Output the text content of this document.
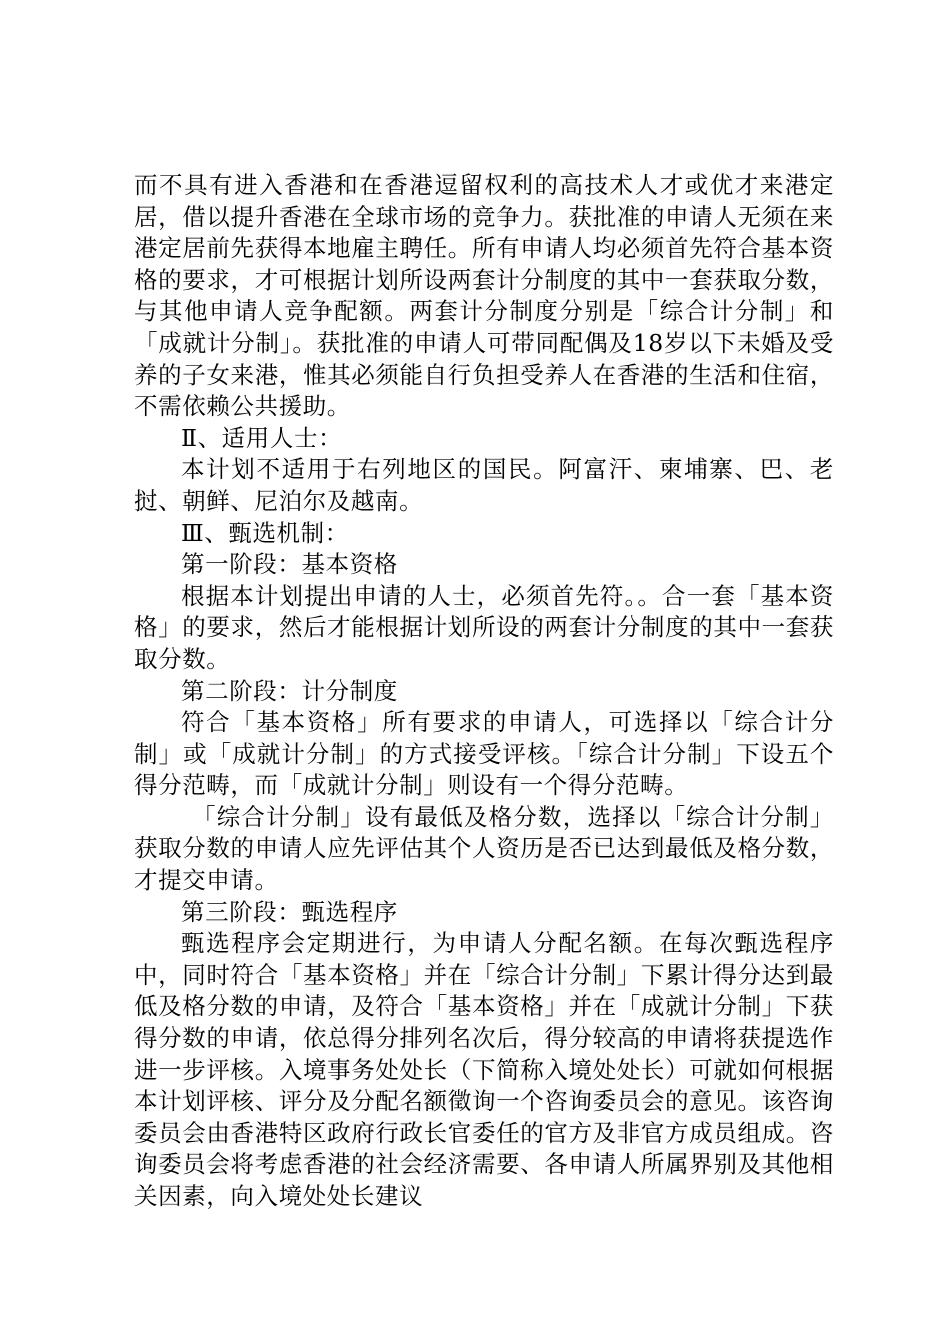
而不具有进入香港和在香港逗留权利的高技术人才或优才来港定居，借以提升香港在全球市场的竞争力。获批准的申请人无须在来港定居前先获得本地雇主聘任。所有申请人均必须首先符合基本资格的要求，才可根据计划所设两套计分制度的其中一套获取分数，与其他申请人竞争配额。两套计分制度分别是「综合计分制」和「成就计分制」。获批准的申请人可带同配偶及18岁以下未婚及受养的子女来港，惟其必须能自行负担受养人在香港的生活和住宿，不需依赖公共援助。

Ⅱ、适用人士：

本计划不适用于右列地区的国民。阿富汗、柬埔寨、巴、老挝、朝鲜、尼泊尔及越南。

Ⅲ、甄选机制：

第一阶段：基本资格

根据本计划提出申请的人士，必须首先符。。合一套「基本资格」的要求，然后才能根据计划所设的两套计分制度的其中一套获取分数。

第二阶段：计分制度

符合「基本资格」所有要求的申请人，可选择以「综合计分制」或「成就计分制」的方式接受评核。「综合计分制」下设五个得分范畴，而「成就计分制」则设有一个得分范畴。

「综合计分制」设有最低及格分数，选择以「综合计分制」获取分数的申请人应先评估其个人资历是否已达到最低及格分数，才提交申请。

第三阶段：甄选程序

甄选程序会定期进行，为申请人分配名额。在每次甄选程序中，同时符合「基本资格」并在「综合计分制」下累计得分达到最低及格分数的申请，及符合「基本资格」并在「成就计分制」下获得分数的申请，依总得分排列名次后，得分较高的申请将获提选作进一步评核。入境事务处处长（下简称入境处处长）可就如何根据本计划评核、评分及分配名额徵询一个咨询委员会的意见。该咨询委员会由香港特区政府行政长官委任的官方及非官方成员组成。咨询委员会将考虑香港的社会经济需要、各申请人所属界别及其他相关因素，向入境处处长建议
